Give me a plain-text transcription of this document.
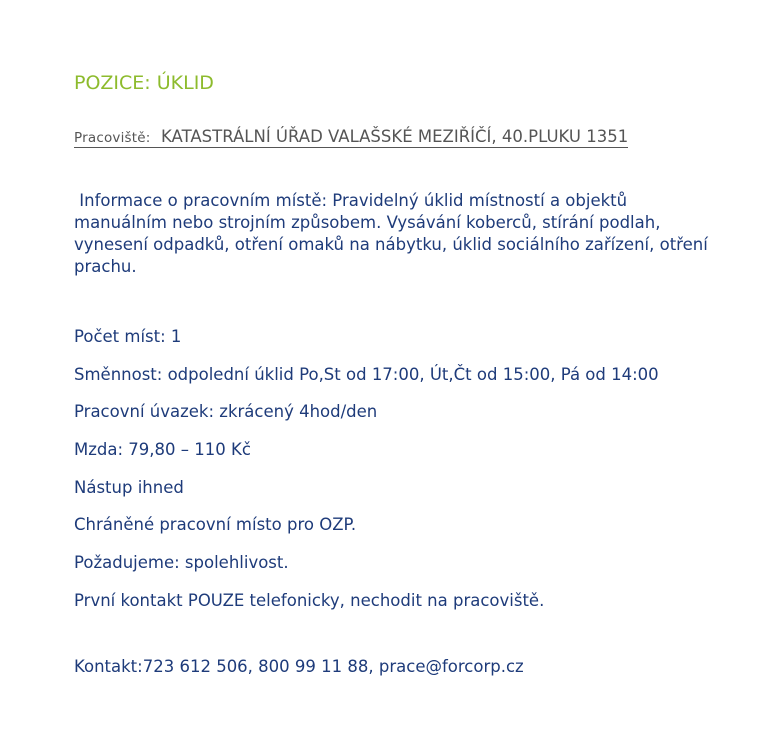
POZICE: ÚKLID
Pracoviště: KATASTRÁLNÍ ÚŘAD VALAŠSKÉ MEZIŘÍČÍ, 40.PLUKU 1351
Informace o pracovním místě: Pravidelný úklid místností a objektů manuálním nebo strojním způsobem. Vysávání koberců, stírání podlah, vynesení odpadků, otření omaků na nábytku, úklid sociálního zařízení, otření prachu.
Počet míst: 1
Směnnost: odpolední úklid Po,St od 17:00, Út,Čt od 15:00, Pá od 14:00
Pracovní úvazek: zkrácený 4hod/den
Mzda: 79,80 – 110 Kč
Nástup ihned
Chráněné pracovní místo pro OZP.
Požadujeme: spolehlivost.
První kontakt POUZE telefonicky, nechodit na pracoviště.
Kontakt:723 612 506, 800 99 11 88, prace@forcorp.cz
